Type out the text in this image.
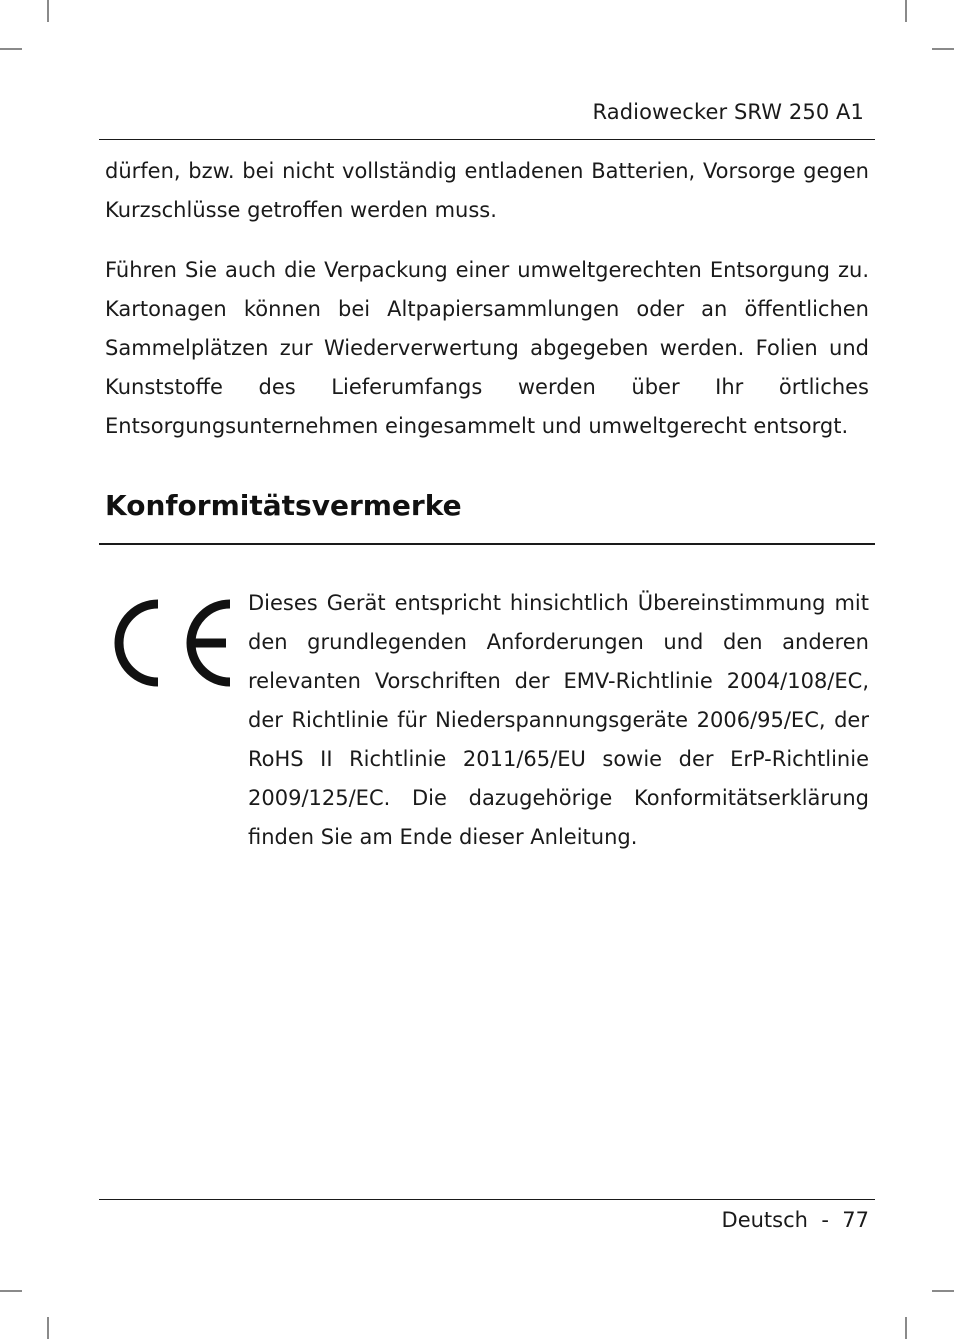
Radiowecker SRW 250 A1

dürfen, bzw. bei nicht vollständig entladenen Batterien, Vorsorge gegen Kurzschlüsse getroffen werden muss.

Führen Sie auch die Verpackung einer umweltgerechten Entsorgung zu. Kartonagen können bei Altpapiersammlungen oder an öffentlichen Sammelplätzen zur Wiederverwertung abgegeben werden. Folien und Kunststoffe des Lieferumfangs werden über Ihr örtliches Entsorgungsunternehmen eingesammelt und umweltgerecht entsorgt.

Konformitätsvermerke

Dieses Gerät entspricht hinsichtlich Übereinstimmung mit den grundlegenden Anforderungen und den anderen relevanten Vorschriften der EMV-Richtlinie 2004/108/EC, der Richtlinie für Niederspannungsgeräte 2006/95/EC, der RoHS II Richtlinie 2011/65/EU sowie der ErP-Richtlinie 2009/125/EC. Die dazugehörige Konformitätserklärung finden Sie am Ende dieser Anleitung.

Deutsch - 77
